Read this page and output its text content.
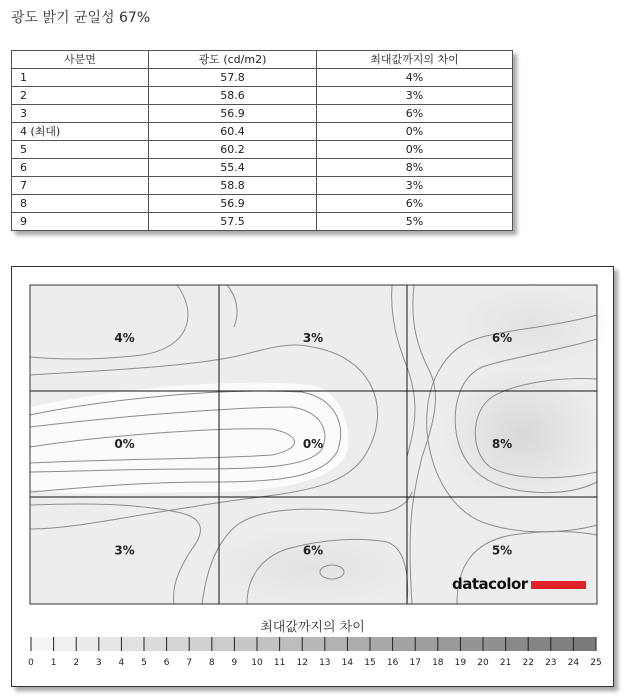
광도 밝기 균일성 67%
사분면	광도 (cd/m2)	최대값까지의 차이
1	57.8	4%
2	58.6	3%
3	56.9	6%
4 (최대)	60.4	0%
5	60.2	0%
6	55.4	8%
7	58.8	3%
8	56.9	6%
9	57.5	5%
4%	3%	6%
0%	0%	8%
3%	6%	5%
0 1 2 3 4 5 6 7 8 9 10 11 12 13 14 15 16 17 18 19 20 21 22 23 24 25
datacolor
최대값까지의 차이
